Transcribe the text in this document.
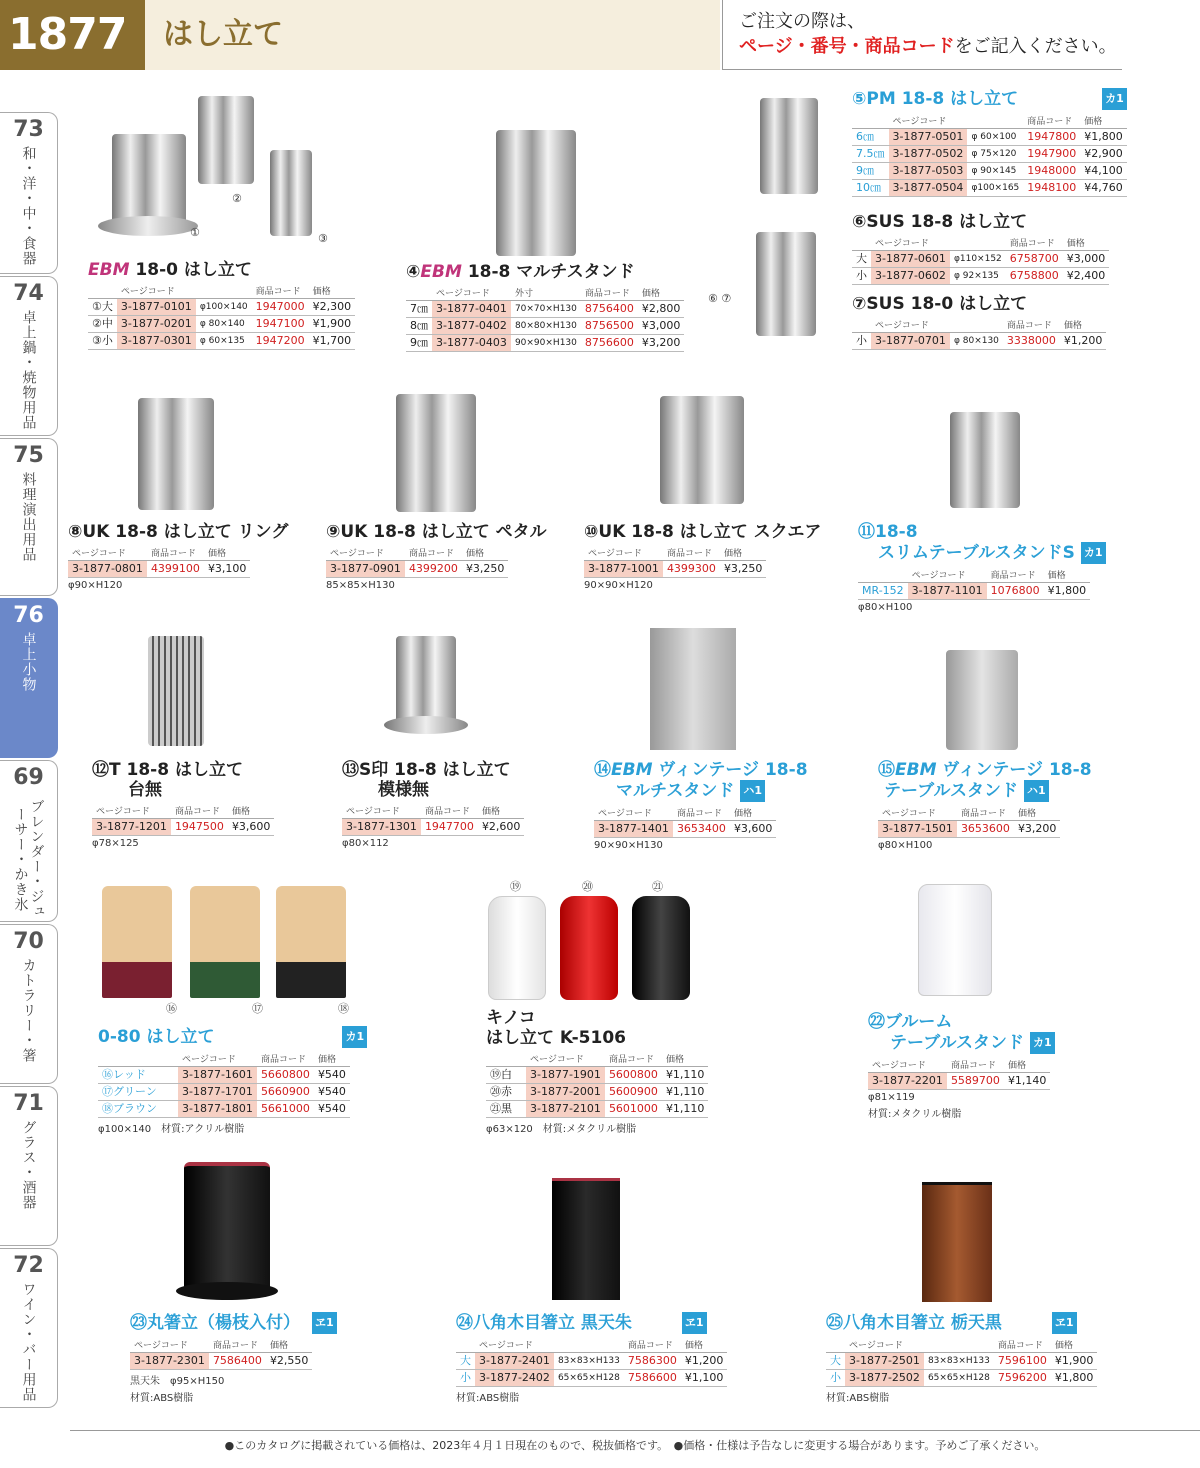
1877	はし立て	ご注文の際は、
ページ・番号・商品コードをご記入ください。
73
和・洋・中・食器
74
卓上鍋・焼物用品
75
料理演出用品
76
卓上小物
69
ブレンダー・ジューサー・かき氷
70
カトラリー・箸
71
グラス・酒器
72
ワイン・バー用品
①
②
③
⑥ ⑦
EBM 18-0 はし立て
	ページコード		商品コード	価格
①大	3-1877-0101	φ100×140	1947000	¥2,300
②中	3-1877-0201	φ 80×140	1947100	¥1,900
③小	3-1877-0301	φ 60×135	1947200	¥1,700
④EBM 18-8 マルチスタンド
	ページコード	外寸	商品コード	価格
7㎝	3-1877-0401	70×70×H130	8756400	¥2,800
8㎝	3-1877-0402	80×80×H130	8756500	¥3,000
9㎝	3-1877-0403	90×90×H130	8756600	¥3,200
⑤PM 18-8 はし立て	カ1
	ページコード		商品コード	価格
6㎝	3-1877-0501	φ 60×100	1947800	¥1,800
7.5㎝	3-1877-0502	φ 75×120	1947900	¥2,900
9㎝	3-1877-0503	φ 90×145	1948000	¥4,100
10㎝	3-1877-0504	φ100×165	1948100	¥4,760
⑥SUS 18-8 はし立て
	ページコード		商品コード	価格
大	3-1877-0601	φ110×152	6758700	¥3,000
小	3-1877-0602	φ 92×135	6758800	¥2,400
⑦SUS 18-0 はし立て
	ページコード		商品コード	価格
小	3-1877-0701	φ 80×130	3338000	¥1,200
⑧UK 18-8 はし立て リング
ページコード	商品コード	価格
3-1877-0801	4399100	¥3,100
φ90×H120
⑨UK 18-8 はし立て ペタル
ページコード	商品コード	価格
3-1877-0901	4399200	¥3,250
85×85×H130
⑩UK 18-8 はし立て スクエア
ページコード	商品コード	価格
3-1877-1001	4399300	¥3,250
90×90×H120
⑪18-8
スリムテーブルスタンドS カ1
	ページコード	商品コード	価格
MR-152	3-1877-1101	1076800	¥1,800
φ80×H100
⑫T 18-8 はし立て
台無
ページコード	商品コード	価格
3-1877-1201	1947500	¥3,600
φ78×125
⑬S印 18-8 はし立て
模様無
ページコード	商品コード	価格
3-1877-1301	1947700	¥2,600
φ80×112
⑭EBM ヴィンテージ 18-8
マルチスタンド ハ1
ページコード	商品コード	価格
3-1877-1401	3653400	¥3,600
90×90×H130
⑮EBM ヴィンテージ 18-8
テーブルスタンド ハ1
ページコード	商品コード	価格
3-1877-1501	3653600	¥3,200
φ80×H100
⑯	⑰	⑱
⑲	⑳	㉑
0-80 はし立て	カ1
	ページコード	商品コード	価格
⑯レッド	3-1877-1601	5660800	¥540
⑰グリーン	3-1877-1701	5660900	¥540
⑱ブラウン	3-1877-1801	5661000	¥540
φ100×140　材質:アクリル樹脂
キノコ
はし立て K-5106
	ページコード	商品コード	価格
⑲白	3-1877-1901	5600800	¥1,110
⑳赤	3-1877-2001	5600900	¥1,110
㉑黒	3-1877-2101	5601000	¥1,110
φ63×120　材質:メタクリル樹脂
㉒ブルーム
テーブルスタンド カ1
ページコード	商品コード	価格
3-1877-2201	5589700	¥1,140
φ81×119
材質:メタクリル樹脂
㉓丸箸立（楊枝入付） ヱ1
ページコード	商品コード	価格
3-1877-2301	7586400	¥2,550
黒天朱　φ95×H150
材質:ABS樹脂
㉔八角木目箸立 黒天朱	ヱ1
	ページコード		商品コード	価格
大	3-1877-2401	83×83×H133	7586300	¥1,200
小	3-1877-2402	65×65×H128	7586600	¥1,100
材質:ABS樹脂
㉕八角木目箸立 栃天黒	ヱ1
	ページコード		商品コード	価格
大	3-1877-2501	83×83×H133	7596100	¥1,900
小	3-1877-2502	65×65×H128	7596200	¥1,800
材質:ABS樹脂
●このカタログに掲載されている価格は、2023年４月１日現在のもので、税抜価格です。　●価格・仕様は予告なしに変更する場合があります。予めご了承ください。
